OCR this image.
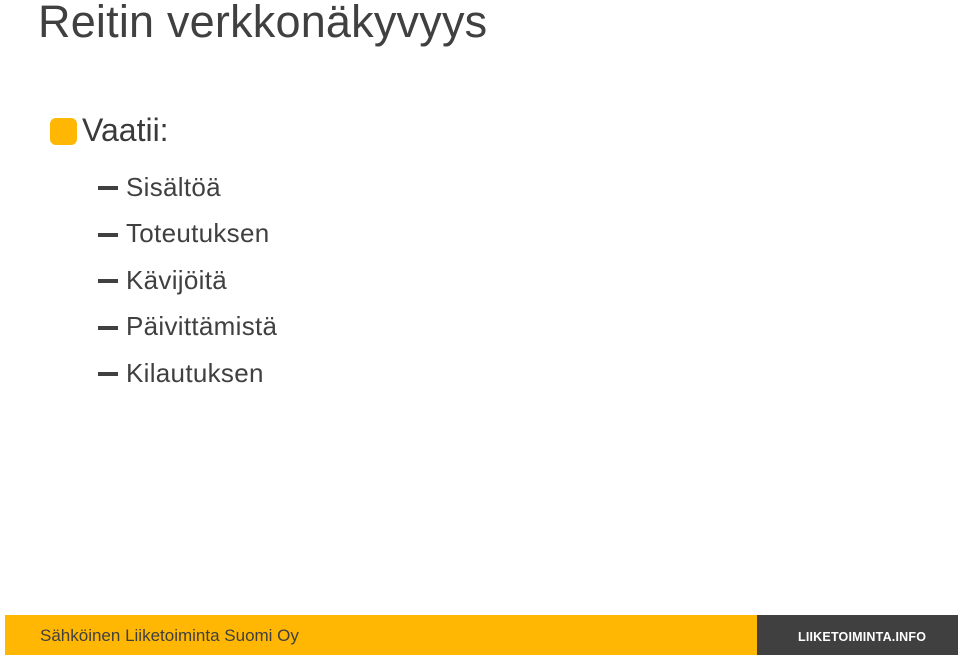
Reitin verkkonäkyvyys
Vaatii:
Sisältöä
Toteutuksen
Kävijöitä
Päivittämistä
Kilautuksen
Sähköinen Liiketoiminta Suomi Oy	LIIKETOIMINTA.INFO
